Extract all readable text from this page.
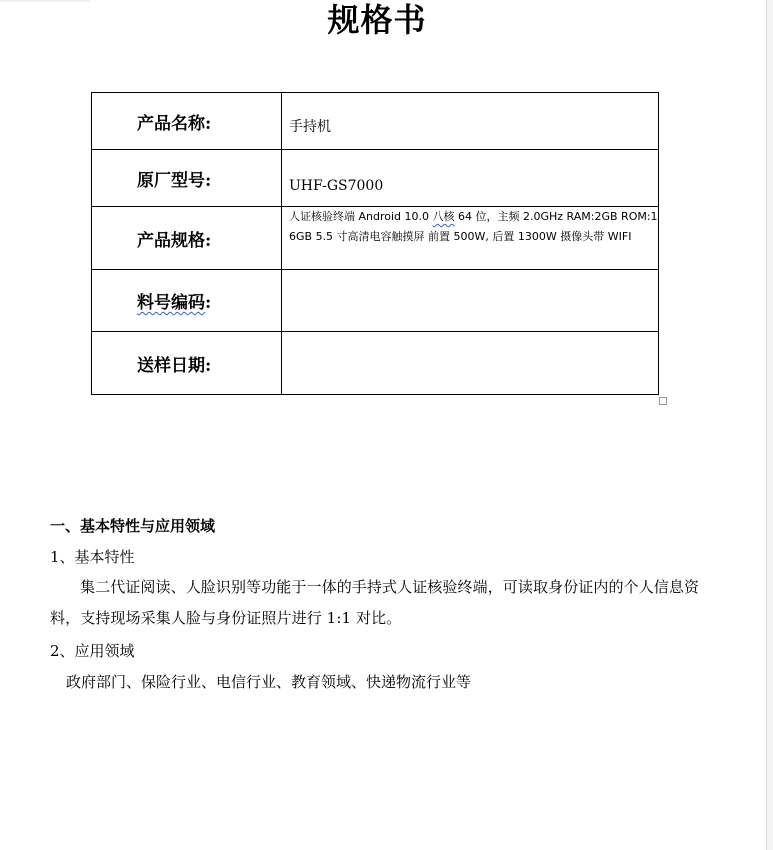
规格书
产品名称:	手持机
原厂型号:	UHF-GS7000
产品规格:	人证核验终端 Android 10.0 八核 64 位，主频 2.0GHz RAM:2GB ROM:16GB 5.5 寸高清电容触摸屏 前置 500W, 后置 1300W 摄像头带 WIFI
料号编码:	
送样日期:	
一、基本特性与应用领域
1、基本特性
集二代证阅读、人脸识别等功能于一体的手持式人证核验终端，可读取身份证内的个人信息资料，支持现场采集人脸与身份证照片进行 1:1 对比。
2、应用领域
政府部门、保险行业、电信行业、教育领域、快递物流行业等
